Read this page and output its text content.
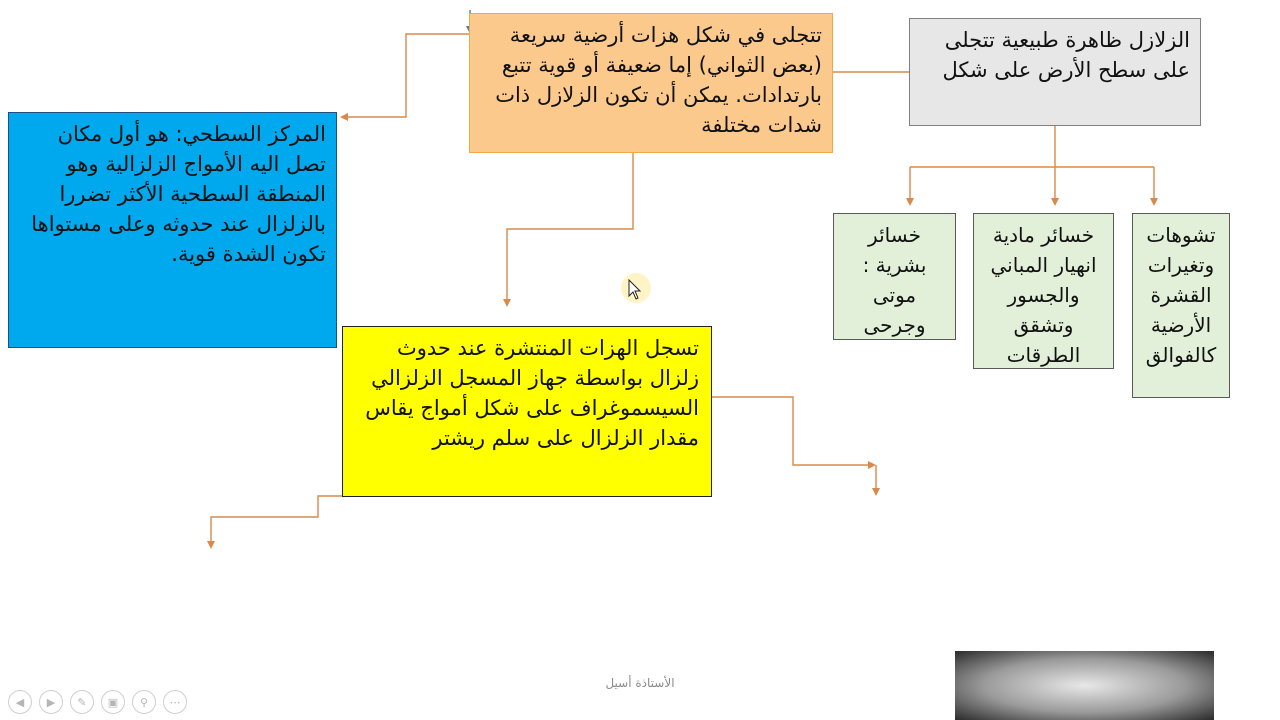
الزلازل ظاهرة طبيعية تتجلى على سطح الأرض على شكل
تتجلى في شكل هزات أرضية سريعة (بعض الثواني) إما ضعيفة أو قوية تتبع بارتدادات. يمكن أن تكون الزلازل ذات شدات مختلفة
المركز السطحي: هو أول مكان تصل اليه الأمواج الزلزالية وهو المنطقة السطحية الأكثر تضررا بالزلزال عند حدوثه وعلى مستواها تكون الشدة قوية.
تسجل الهزات المنتشرة عند حدوث زلزال بواسطة جهاز المسجل الزلزالي السيسموغراف على شكل أمواج يقاس مقدار الزلزال على سلم ريشتر
خسائر بشرية : موتى وجرحى
خسائر مادية انهيار المباني والجسور وتشقق الطرقات
تشوهات وتغيرات القشرة الأرضية كالفوالق
الأستاذة أسيل
◀	▶	✎	▣	⚲	⋯
